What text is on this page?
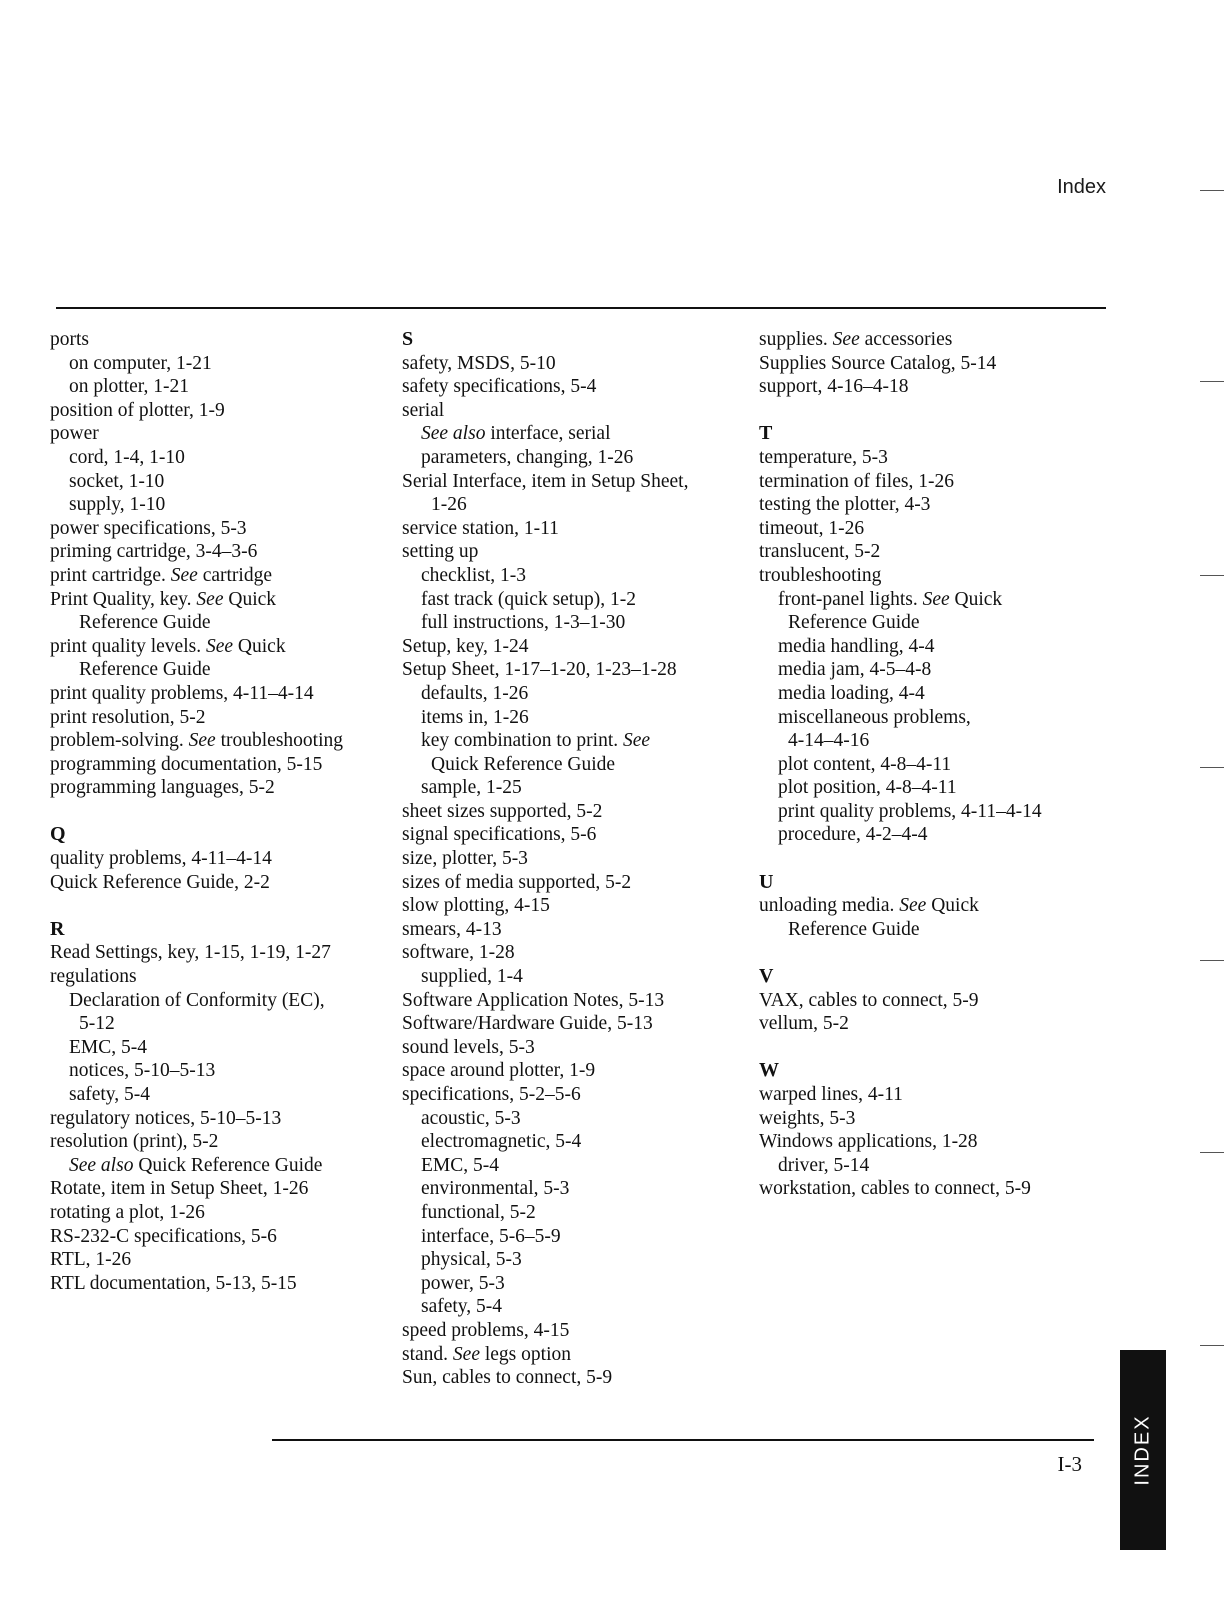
Index
ports
on computer, 1-21
on plotter, 1-21
position of plotter, 1-9
power
cord, 1-4, 1-10
socket, 1-10
supply, 1-10
power specifications, 5-3
priming cartridge, 3-4–3-6
print cartridge. See cartridge
Print Quality, key. See Quick
Reference Guide
print quality levels. See Quick
Reference Guide
print quality problems, 4-11–4-14
print resolution, 5-2
problem-solving. See troubleshooting
programming documentation, 5-15
programming languages, 5-2
Q
quality problems, 4-11–4-14
Quick Reference Guide, 2-2
R
Read Settings, key, 1-15, 1-19, 1-27
regulations
Declaration of Conformity (EC),
5-12
EMC, 5-4
notices, 5-10–5-13
safety, 5-4
regulatory notices, 5-10–5-13
resolution (print), 5-2
See also Quick Reference Guide
Rotate, item in Setup Sheet, 1-26
rotating a plot, 1-26
RS-232-C specifications, 5-6
RTL, 1-26
RTL documentation, 5-13, 5-15
S
safety, MSDS, 5-10
safety specifications, 5-4
serial
See also interface, serial
parameters, changing, 1-26
Serial Interface, item in Setup Sheet,
1-26
service station, 1-11
setting up
checklist, 1-3
fast track (quick setup), 1-2
full instructions, 1-3–1-30
Setup, key, 1-24
Setup Sheet, 1-17–1-20, 1-23–1-28
defaults, 1-26
items in, 1-26
key combination to print. See
Quick Reference Guide
sample, 1-25
sheet sizes supported, 5-2
signal specifications, 5-6
size, plotter, 5-3
sizes of media supported, 5-2
slow plotting, 4-15
smears, 4-13
software, 1-28
supplied, 1-4
Software Application Notes, 5-13
Software/Hardware Guide, 5-13
sound levels, 5-3
space around plotter, 1-9
specifications, 5-2–5-6
acoustic, 5-3
electromagnetic, 5-4
EMC, 5-4
environmental, 5-3
functional, 5-2
interface, 5-6–5-9
physical, 5-3
power, 5-3
safety, 5-4
speed problems, 4-15
stand. See legs option
Sun, cables to connect, 5-9
supplies. See accessories
Supplies Source Catalog, 5-14
support, 4-16–4-18
T
temperature, 5-3
termination of files, 1-26
testing the plotter, 4-3
timeout, 1-26
translucent, 5-2
troubleshooting
front-panel lights. See Quick
Reference Guide
media handling, 4-4
media jam, 4-5–4-8
media loading, 4-4
miscellaneous problems,
4-14–4-16
plot content, 4-8–4-11
plot position, 4-8–4-11
print quality problems, 4-11–4-14
procedure, 4-2–4-4
U
unloading media. See Quick
Reference Guide
V
VAX, cables to connect, 5-9
vellum, 5-2
W
warped lines, 4-11
weights, 5-3
Windows applications, 1-28
driver, 5-14
workstation, cables to connect, 5-9
I-3 INDEX
